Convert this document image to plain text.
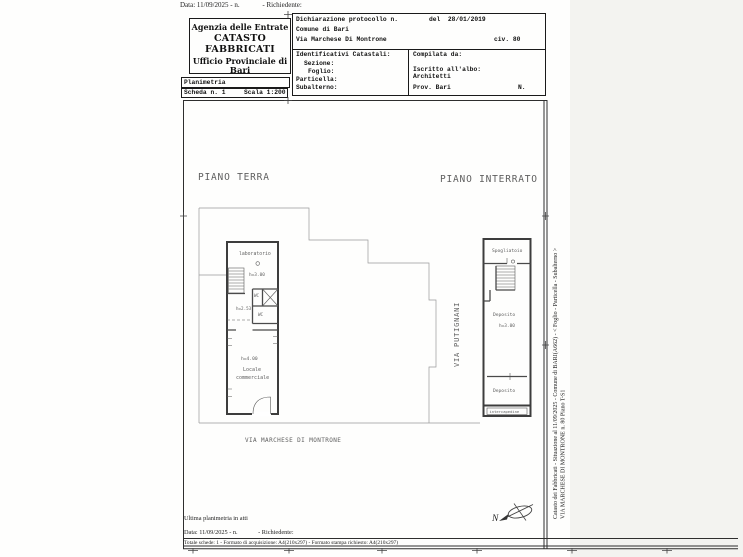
Data: 11/09/2025 - n.             - Richiedente:
Agenzia delle Entrate
CATASTO FABBRICATI
Ufficio Provinciale di
Bari
Planimetria
Scheda n. 1	Scala 1:200
Dichiarazione protocollo n.	del  28/01/2019
Comune di Bari
Via Marchese Di Montrone	civ. 80
Identificativi Catastali:
Sezione:
Foglio:
Particella:
Subalterno:
Compilata da:
Iscritto all'albo:
Architetti
Prov. Bari	N.
PIANO TERRA	PIANO INTERRATO
laboratorio
h=3.00
WC
h=2.53
WC
h=4.00
Locale
commerciale
Spogliatoio
Deposito
h=3.00
Deposito
intercapedine
VIA MARCHESE DI MONTRONE
VIA PUTIGNANI
N	Catasto dei Fabbricati - Situazione al 11/09/2025 - Comune di BARI(A662) - < Foglio - Particella - Subalterno > VIA MARCHESE DI MONTRONE n. 80 Piano T-S1
Ultima planimetria in atti
Data: 11/09/2025 - n.             - Richiedente:
Totale schede: 1 - Formato di acquisizione: A4(210x297) - Formato stampa richiesto: A4(210x297)
